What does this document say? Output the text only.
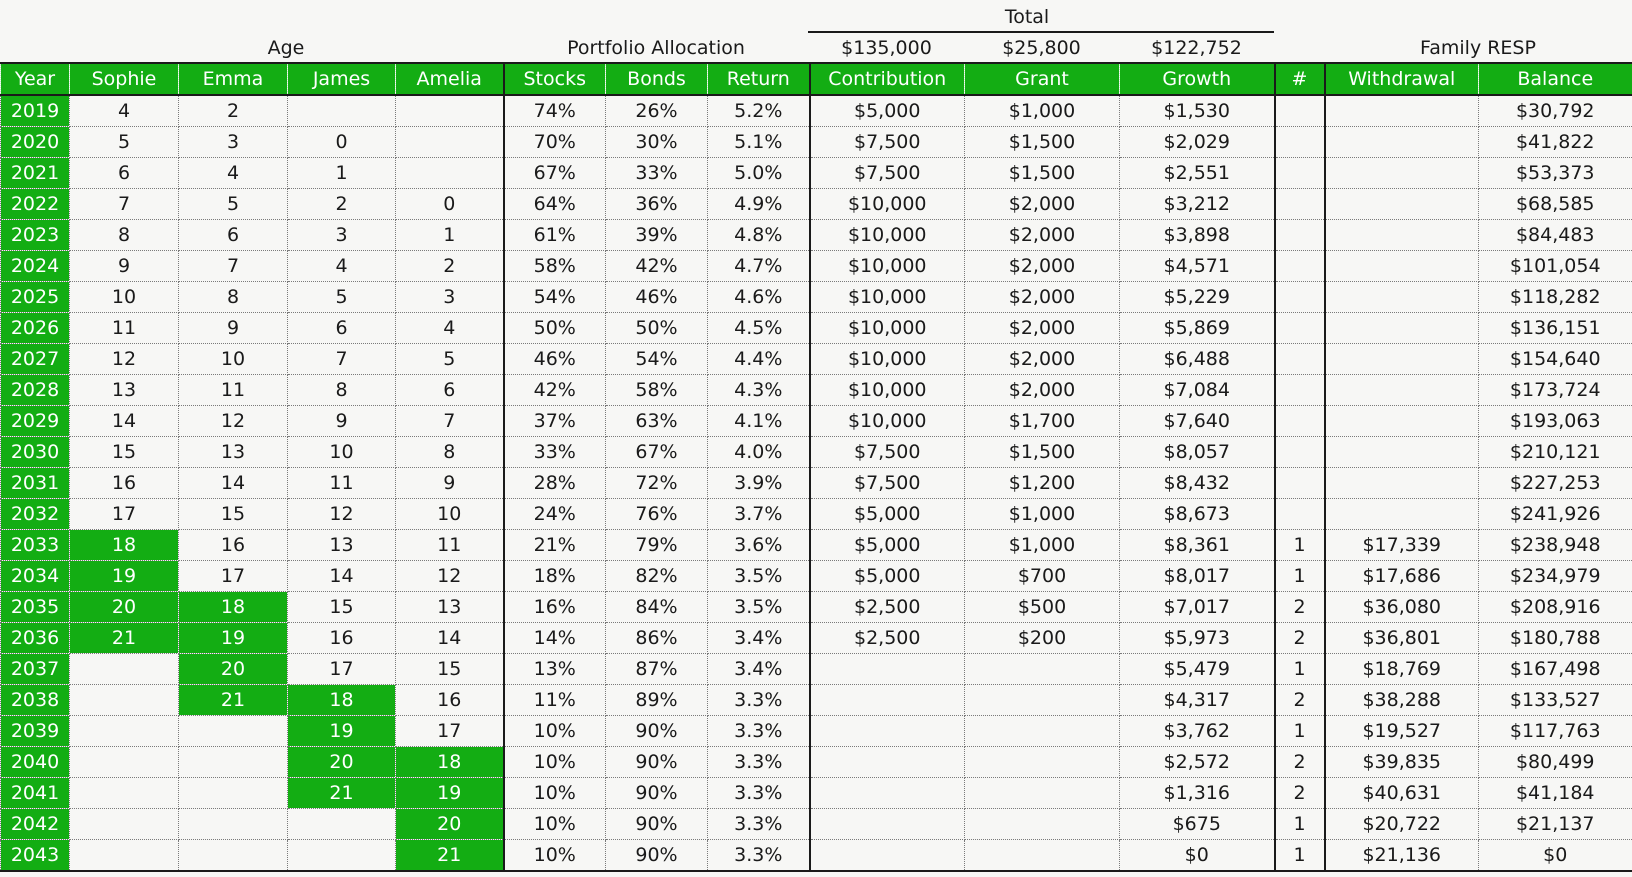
Total
Age	Portfolio Allocation	$135,000	$25,800	$122,752	Family RESP
Year	Sophie	Emma	James	Amelia	Stocks	Bonds	Return	Contribution	Grant	Growth	#	Withdrawal	Balance
2019	4	2			74%	26%	5.2%	$5,000	$1,000	$1,530			$30,792
2020	5	3	0		70%	30%	5.1%	$7,500	$1,500	$2,029			$41,822
2021	6	4	1		67%	33%	5.0%	$7,500	$1,500	$2,551			$53,373
2022	7	5	2	0	64%	36%	4.9%	$10,000	$2,000	$3,212			$68,585
2023	8	6	3	1	61%	39%	4.8%	$10,000	$2,000	$3,898			$84,483
2024	9	7	4	2	58%	42%	4.7%	$10,000	$2,000	$4,571			$101,054
2025	10	8	5	3	54%	46%	4.6%	$10,000	$2,000	$5,229			$118,282
2026	11	9	6	4	50%	50%	4.5%	$10,000	$2,000	$5,869			$136,151
2027	12	10	7	5	46%	54%	4.4%	$10,000	$2,000	$6,488			$154,640
2028	13	11	8	6	42%	58%	4.3%	$10,000	$2,000	$7,084			$173,724
2029	14	12	9	7	37%	63%	4.1%	$10,000	$1,700	$7,640			$193,063
2030	15	13	10	8	33%	67%	4.0%	$7,500	$1,500	$8,057			$210,121
2031	16	14	11	9	28%	72%	3.9%	$7,500	$1,200	$8,432			$227,253
2032	17	15	12	10	24%	76%	3.7%	$5,000	$1,000	$8,673			$241,926
2033	18	16	13	11	21%	79%	3.6%	$5,000	$1,000	$8,361	1	$17,339	$238,948
2034	19	17	14	12	18%	82%	3.5%	$5,000	$700	$8,017	1	$17,686	$234,979
2035	20	18	15	13	16%	84%	3.5%	$2,500	$500	$7,017	2	$36,080	$208,916
2036	21	19	16	14	14%	86%	3.4%	$2,500	$200	$5,973	2	$36,801	$180,788
2037		20	17	15	13%	87%	3.4%			$5,479	1	$18,769	$167,498
2038		21	18	16	11%	89%	3.3%			$4,317	2	$38,288	$133,527
2039			19	17	10%	90%	3.3%			$3,762	1	$19,527	$117,763
2040			20	18	10%	90%	3.3%			$2,572	2	$39,835	$80,499
2041			21	19	10%	90%	3.3%			$1,316	2	$40,631	$41,184
2042				20	10%	90%	3.3%			$675	1	$20,722	$21,137
2043				21	10%	90%	3.3%			$0	1	$21,136	$0
